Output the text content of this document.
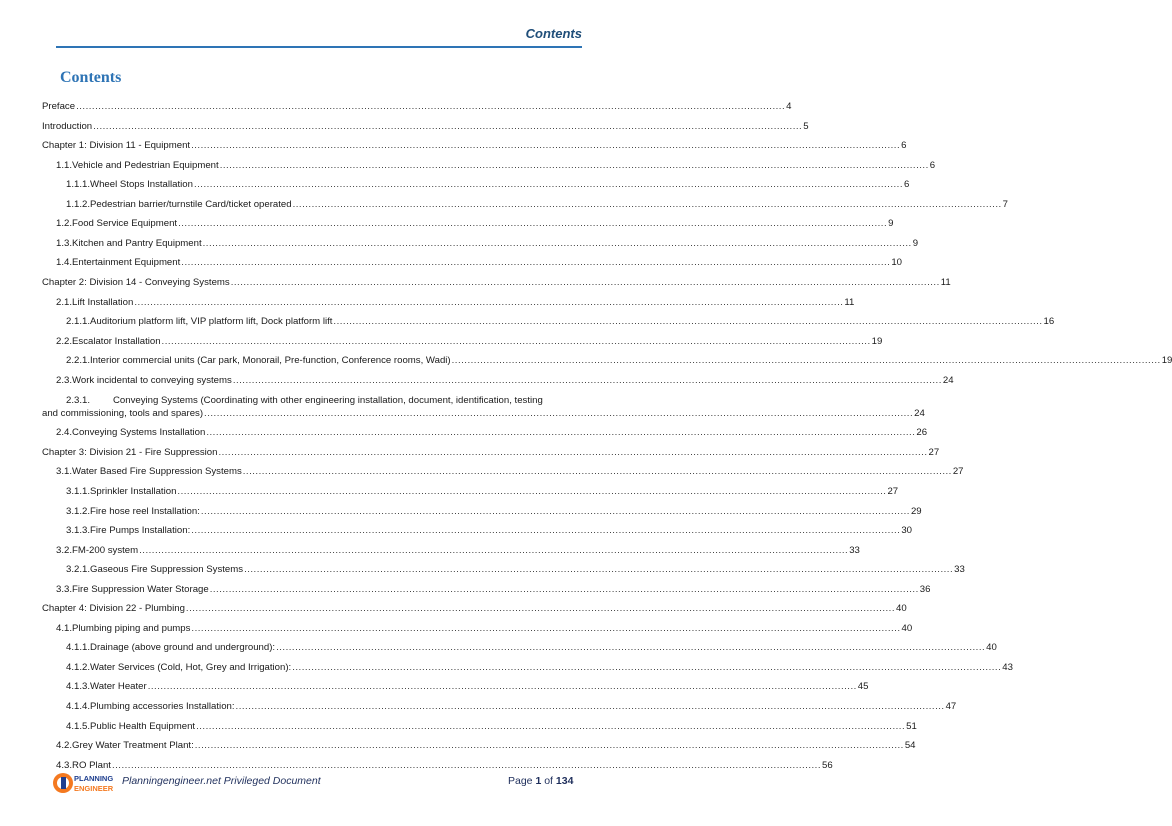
Contents
Contents
Preface .....	4
Introduction .....	5
Chapter 1: Division 11 - Equipment .....	6
1.1. Vehicle and Pedestrian Equipment .....	6
1.1.1. Wheel Stops Installation .....	6
1.1.2. Pedestrian barrier/turnstile Card/ticket operated .....	7
1.2. Food Service Equipment .....	9
1.3. Kitchen and Pantry Equipment .....	9
1.4. Entertainment Equipment .....	10
Chapter 2: Division 14 - Conveying Systems .....	11
2.1. Lift Installation .....	11
2.1.1. Auditorium platform lift, VIP platform lift, Dock platform lift .....	16
2.2. Escalator Installation .....	19
2.2.1. Interior commercial units (Car park, Monorail, Pre-function, Conference rooms, Wadi) .....	19
2.3. Work incidental to conveying systems .....	24
2.3.1.	Conveying Systems (Coordinating with other engineering installation, document, identification, testing
and commissioning, tools and spares) .....	24
2.4. Conveying Systems Installation .....	26
Chapter 3: Division 21 - Fire Suppression .....	27
3.1. Water Based Fire Suppression Systems .....	27
3.1.1. Sprinkler Installation .....	27
3.1.2. Fire hose reel Installation: .....	29
3.1.3. Fire Pumps Installation: .....	30
3.2. FM-200 system .....	33
3.2.1. Gaseous Fire Suppression Systems .....	33
3.3. Fire Suppression Water Storage .....	36
Chapter 4: Division 22 - Plumbing .....	40
4.1. Plumbing piping and pumps .....	40
4.1.1. Drainage (above ground and underground): .....	40
4.1.2. Water Services (Cold, Hot, Grey and Irrigation): .....	43
4.1.3. Water Heater .....	45
4.1.4. Plumbing accessories Installation: .....	47
4.1.5. Public Health Equipment .....	51
4.2. Grey Water Treatment Plant: .....	54
4.3. RO Plant .....	56
PLANNING
ENGINEER
Planningengineer.net Privileged Document	Page 1 of 134
